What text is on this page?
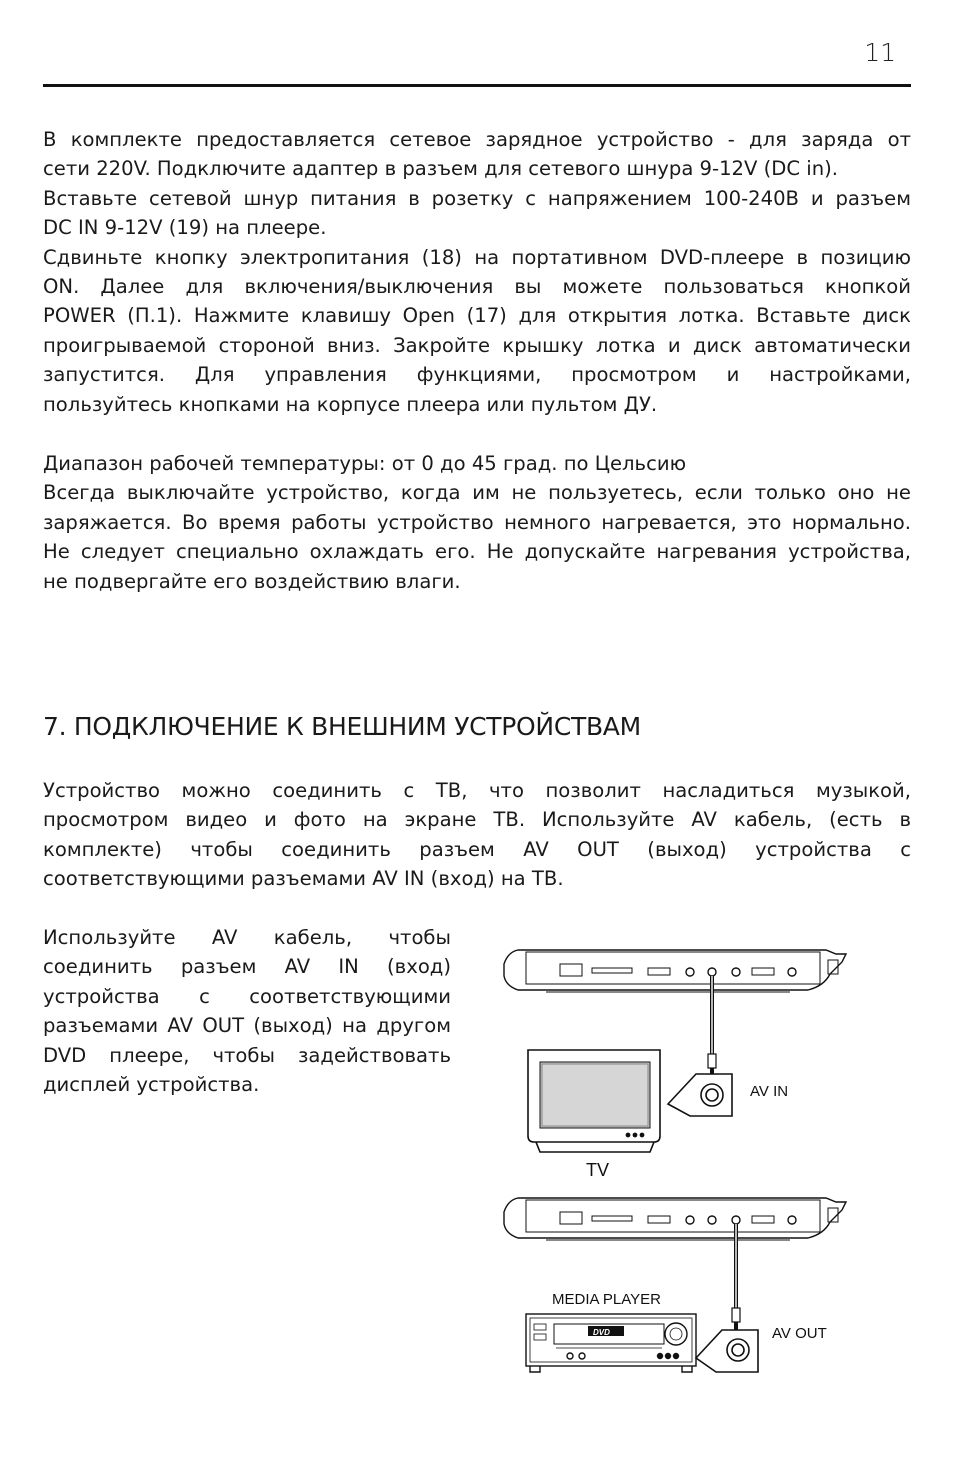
11
В комплекте предоставляется сетевое зарядное устройство - для заряда от
сети 220V. Подключите адаптер в разъем для сетевого шнура 9-12V (DC in).
Вставьте сетевой шнур питания в розетку с напряжением 100-240В и разъем
DC IN 9-12V (19) на плеере.
Сдвиньте кнопку электропитания (18) на портативном DVD-плеере в позицию
ON. Далее для включения/выключения вы можете пользоваться кнопкой
POWER (П.1). Нажмите клавишу Open (17) для открытия лотка. Вставьте диск
проигрываемой стороной вниз. Закройте крышку лотка и диск автоматически
запустится. Для управления функциями, просмотром и настройками,
пользуйтесь кнопками на корпусе плеера или пультом ДУ.
Диапазон рабочей температуры: от 0 до 45 град. по Цельсию
Всегда выключайте устройство, когда им не пользуетесь, если только оно не
заряжается. Во время работы устройство немного нагревается, это нормально.
Не следует специально охлаждать его. Не допускайте нагревания устройства,
не подвергайте его воздействию влаги.
7. ПОДКЛЮЧЕНИЕ К ВНЕШНИМ УСТРОЙСТВАМ
Устройство можно соединить с ТВ, что позволит насладиться музыкой,
просмотром видео и фото на экране ТВ. Используйте AV кабель, (есть в
комплекте) чтобы соединить разъем AV OUT (выход) устройства с
соответствующими разъемами AV IN (вход) на ТВ.
Используйте AV кабель, чтобы
соединить разъем AV IN (вход)
устройства с соответствующими
разъемами AV OUT (выход) на другом
DVD плеере, чтобы задействовать
дисплей устройства.	AV IN
TV
MEDIA PLAYER
DVD	AV OUT
